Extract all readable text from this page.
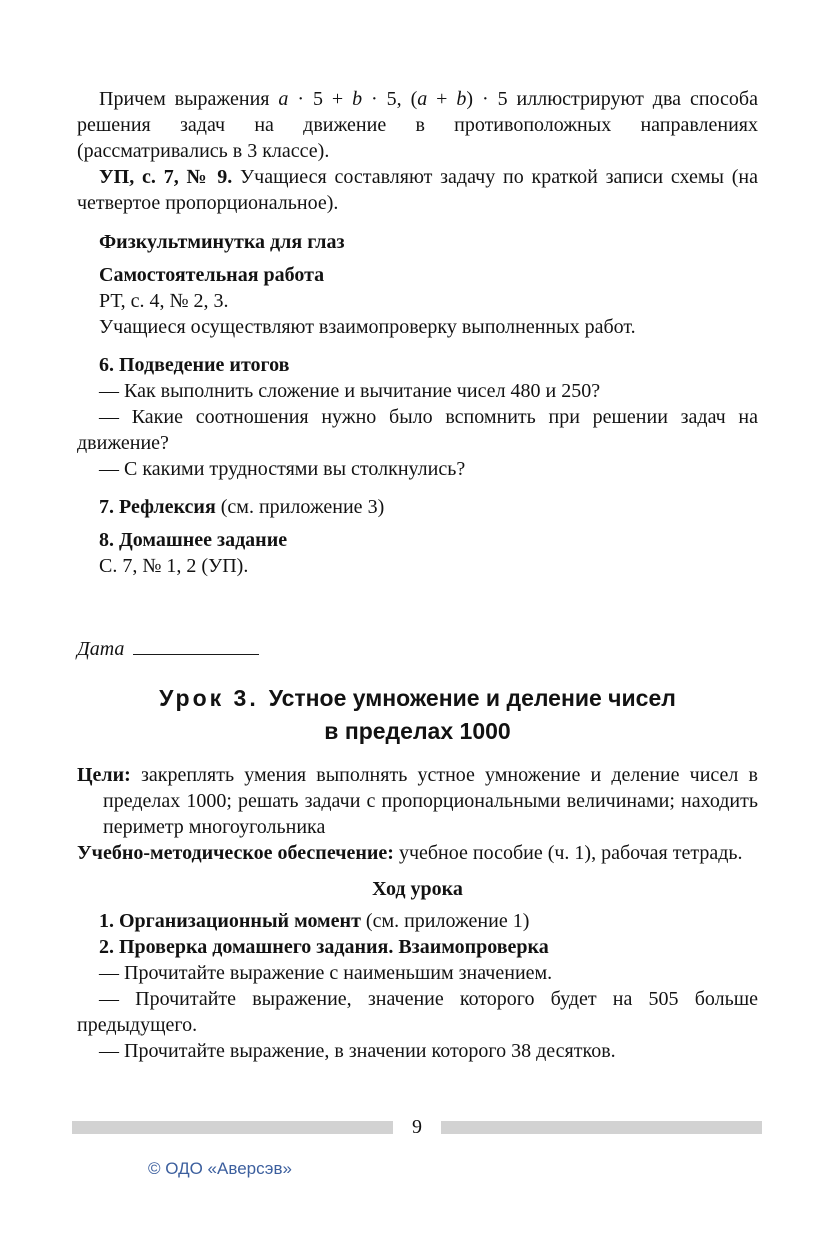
Причем выражения a · 5 + b · 5, (a + b) · 5 иллюстрируют два способа решения задач на движение в противоположных направлениях (рассматривались в 3 классе).

УП, с. 7, № 9. Учащиеся составляют задачу по краткой записи схемы (на четвертое пропорциональное).

Физкультминутка для глаз

Самостоятельная работа

РТ, с. 4, № 2, 3.

Учащиеся осуществляют взаимопроверку выполненных работ.

6. Подведение итогов

— Как выполнить сложение и вычитание чисел 480 и 250?

— Какие соотношения нужно было вспомнить при решении задач на движение?

— С какими трудностями вы столкнулись?

7. Рефлексия (см. приложение 3)

8. Домашнее задание

С. 7, № 1, 2 (УП).

Дата

Урок 3. Устное умножение и деление чисел
в пределах 1000

Цели: закреплять умения выполнять устное умножение и деление чисел в пределах 1000; решать задачи с пропорциональными величинами; находить периметр многоугольника

Учебно-методическое обеспечение: учебное пособие (ч. 1), рабочая тетрадь.

Ход урока

1. Организационный момент (см. приложение 1)

2. Проверка домашнего задания. Взаимопроверка

— Прочитайте выражение с наименьшим значением.

— Прочитайте выражение, значение которого будет на 505 больше предыдущего.

— Прочитайте выражение, в значении которого 38 десятков.

9
© ОДО «Аверсэв»
